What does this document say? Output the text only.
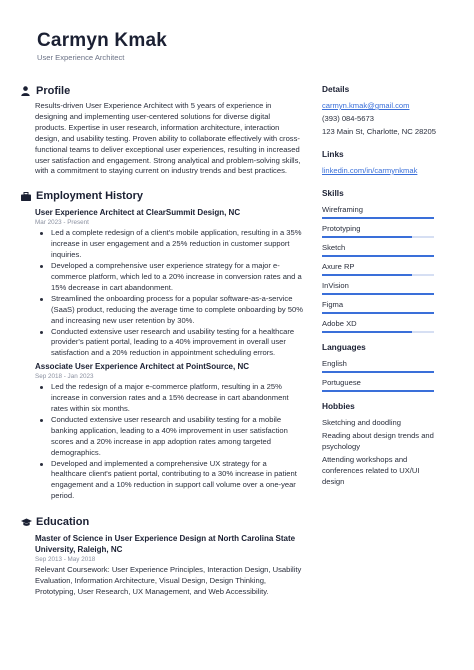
Carmyn Kmak
User Experience Architect
Profile

Results-driven User Experience Architect with 5 years of experience in designing and implementing user-centered solutions for diverse digital products. Expertise in user research, information architecture, interaction design, and usability testing. Proven ability to collaborate effectively with cross-functional teams to deliver exceptional user experiences, resulting in increased user satisfaction and engagement. Strong analytical and problem-solving skills, with a commitment to staying current on industry trends and best practices.

Employment History
User Experience Architect at ClearSummit Design, NC
Mar 2023 - Present
Led a complete redesign of a client's mobile application, resulting in a 35% increase in user engagement and a 25% reduction in customer support inquiries.
Developed a comprehensive user experience strategy for a major e-commerce platform, which led to a 20% increase in conversion rates and a 15% decrease in cart abandonment.
Streamlined the onboarding process for a popular software-as-a-service (SaaS) product, reducing the average time to complete onboarding by 50% and increasing new user retention by 30%.
Conducted extensive user research and usability testing for a healthcare provider's patient portal, leading to a 40% improvement in overall user satisfaction and a 20% reduction in appointment scheduling errors.
Associate User Experience Architect at PointSource, NC
Sep 2018 - Jan 2023
Led the redesign of a major e-commerce platform, resulting in a 25% increase in conversion rates and a 15% decrease in cart abandonment rates within six months.
Conducted extensive user research and usability testing for a mobile banking application, leading to a 40% improvement in user satisfaction scores and a 20% increase in app adoption rates among targeted demographics.
Developed and implemented a comprehensive UX strategy for a healthcare client's patient portal, contributing to a 30% increase in patient engagement and a 10% reduction in support call volume over a one-year period.
Education
Master of Science in User Experience Design at North Carolina State University, Raleigh, NC
Sep 2013 - May 2018

Relevant Coursework: User Experience Principles, Interaction Design, Usability Evaluation, Information Architecture, Visual Design, Design Thinking, Prototyping, User Research, UX Management, and Web Accessibility.

Details
carmyn.kmak@gmail.com
(393) 084-5673
123 Main St, Charlotte, NC 28205
Links
linkedin.com/in/carmynkmak
Skills
Wireframing
Prototyping
Sketch
Axure RP
InVision
Figma
Adobe XD
Languages
English
Portuguese
Hobbies
Sketching and doodling
Reading about design trends and psychology
Attending workshops and conferences related to UX/UI design
